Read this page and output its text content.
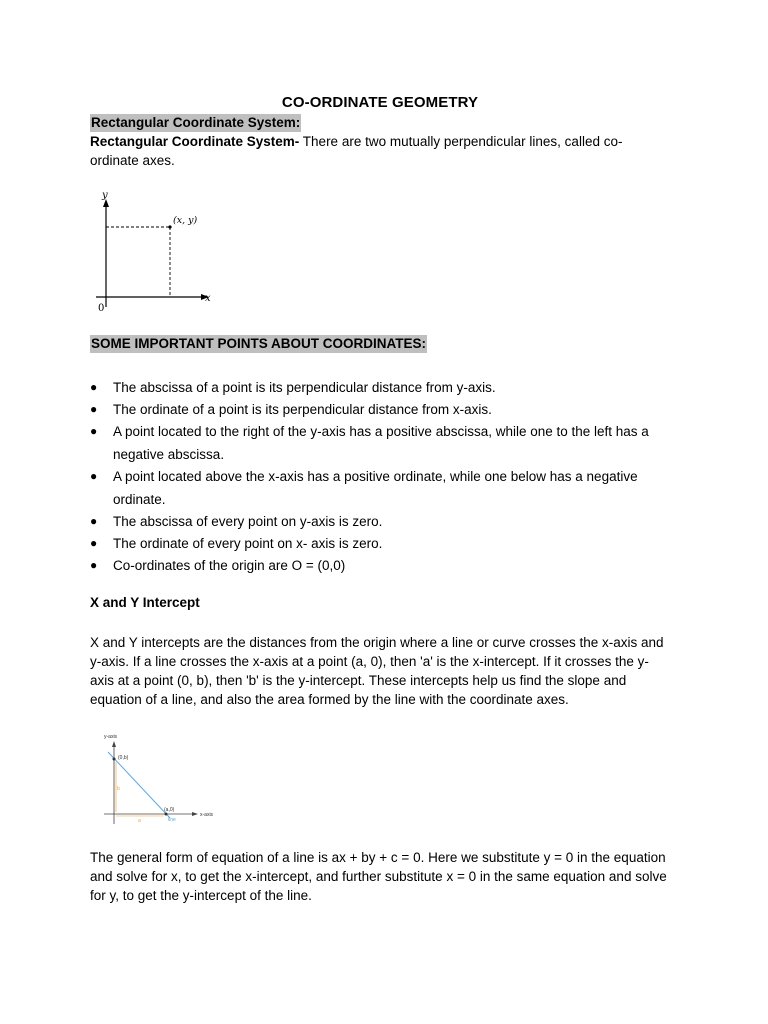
CO-ORDINATE GEOMETRY
Rectangular Coordinate System:

Rectangular Coordinate System- There are two mutually perpendicular lines, called co-ordinate axes.

y
x
0
(x, y)
SOME IMPORTANT POINTS ABOUT COORDINATES:
● The abscissa of a point is its perpendicular distance from y-axis.
● The ordinate of a point is its perpendicular distance from x-axis.
● A point located to the right of the y-axis has a positive abscissa, while one to the left has a negative abscissa.
● A point located above the x-axis has a positive ordinate, while one below has a negative ordinate.
● The abscissa of every point on y-axis is zero.
● The ordinate of every point on x- axis is zero.
● Co-ordinates of the origin are O = (0,0)

X and Y Intercept

X and Y intercepts are the distances from the origin where a line or curve crosses the x-axis and y-axis. If a line crosses the x-axis at a point (a, 0), then 'a' is the x-intercept. If it crosses the y-axis at a point (0, b), then 'b' is the y-intercept. These intercepts help us find the slope and equation of a line, and also the area formed by the line with the coordinate axes.

y-axis
x-axis
(0,b)
(a,0)
b
a	line

The general form of equation of a line is ax + by + c = 0. Here we substitute y = 0 in the equation and solve for x, to get the x-intercept, and further substitute x = 0 in the same equation and solve for y, to get the y-intercept of the line.
